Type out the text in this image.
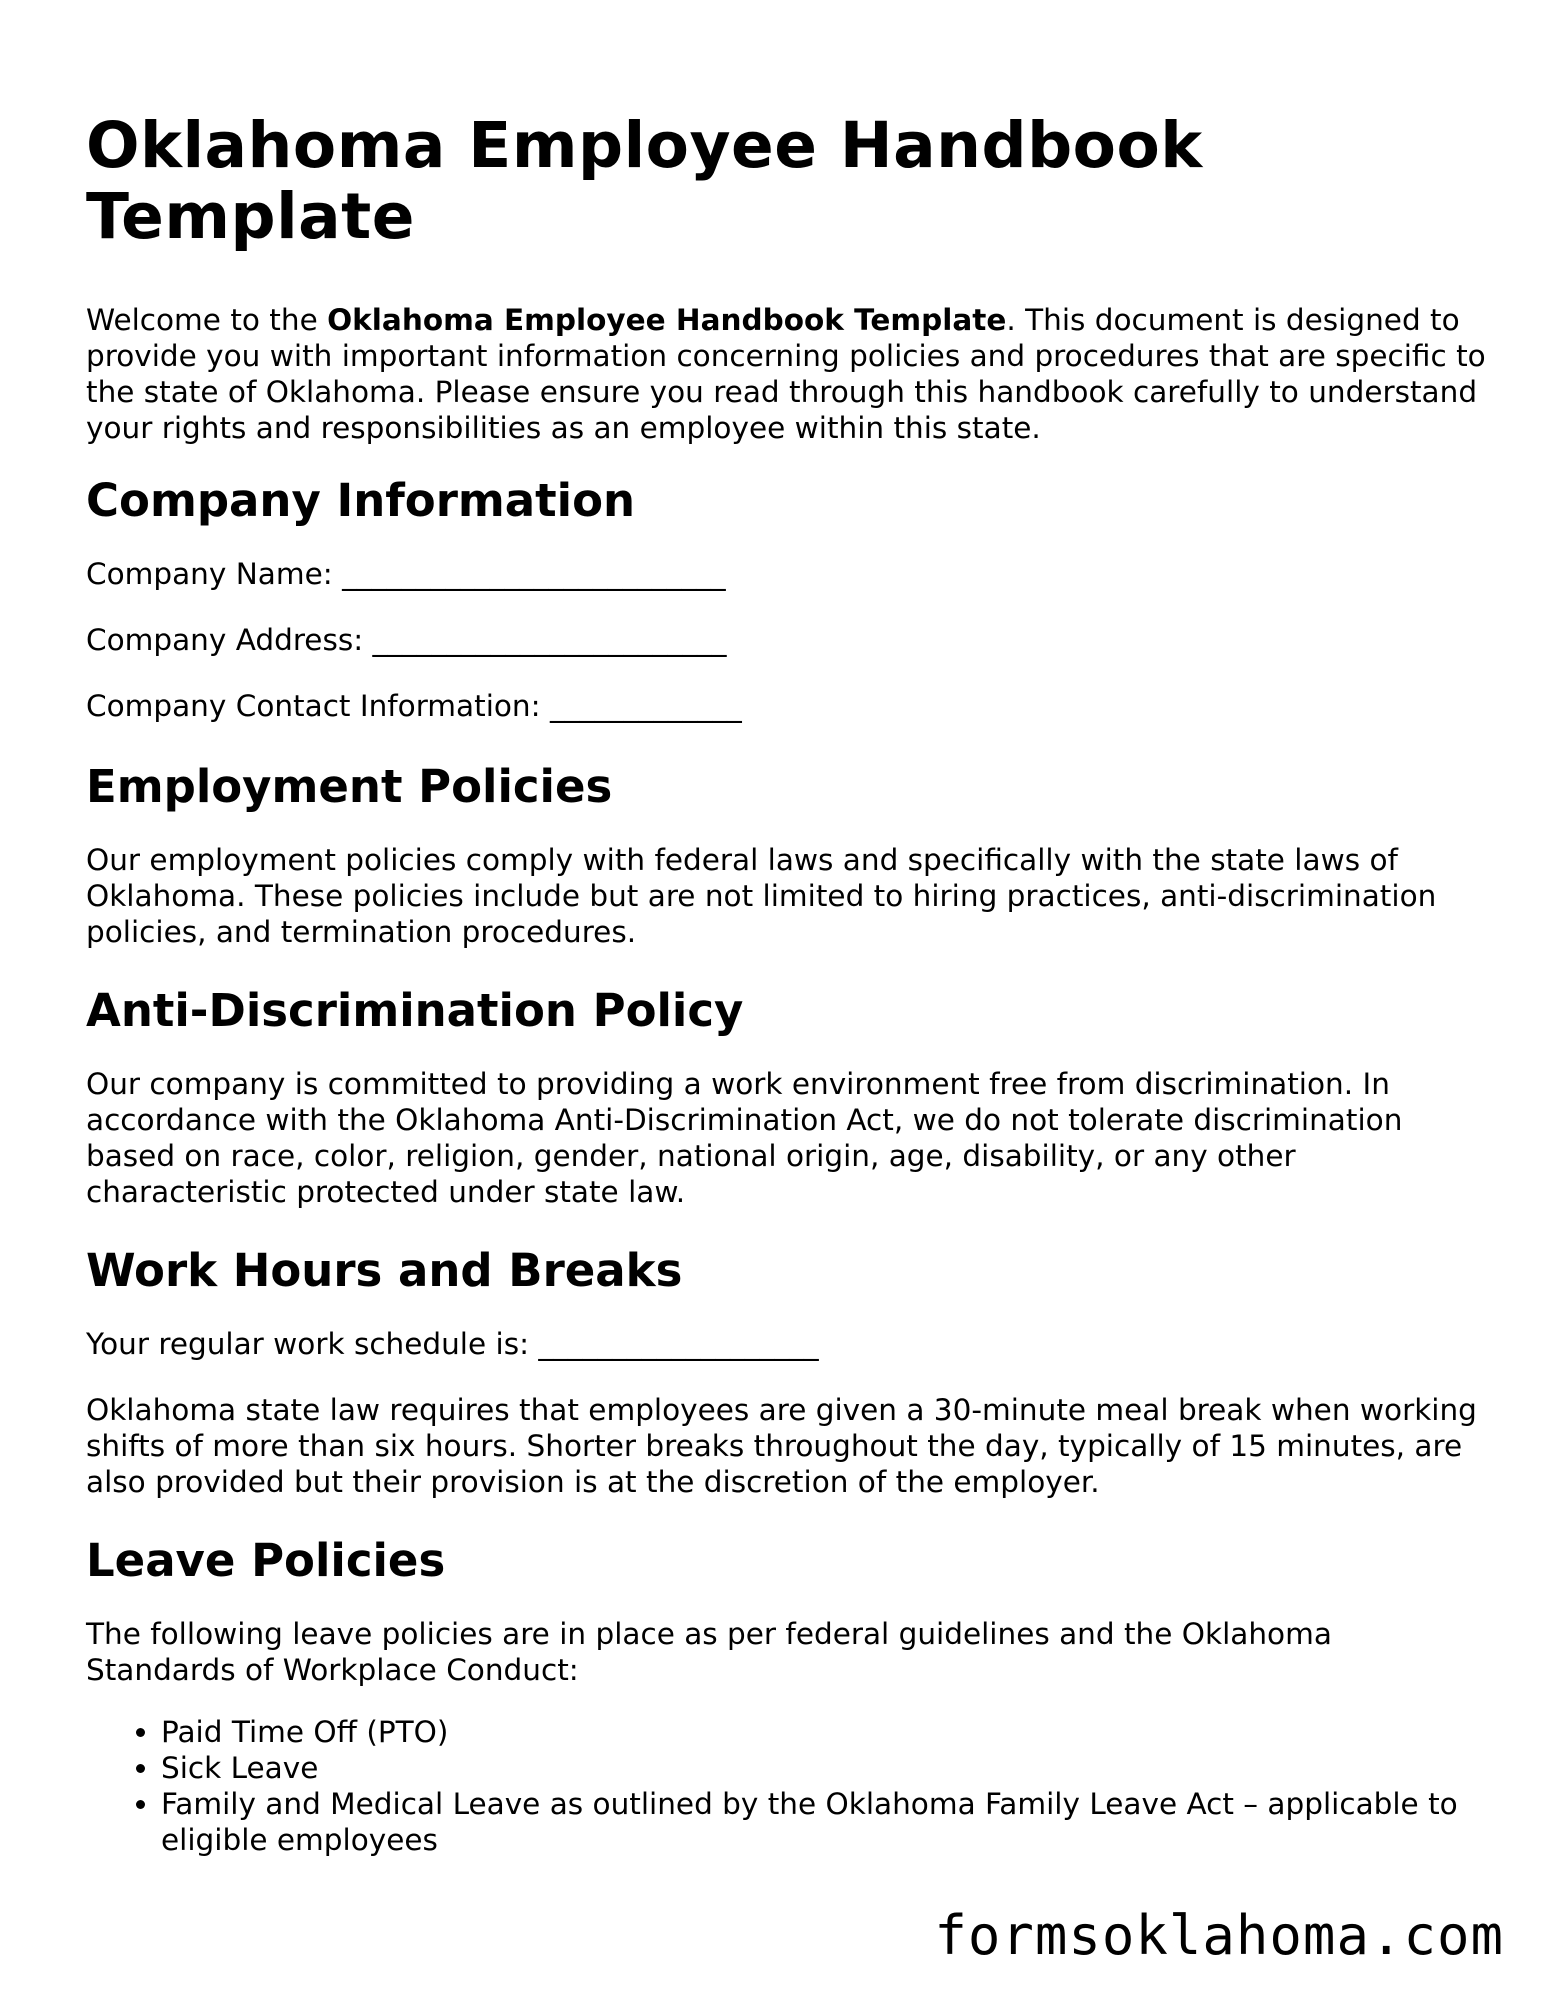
Oklahoma Employee Handbook Template

Welcome to the Oklahoma Employee Handbook Template. This document is designed to provide you with important information concerning policies and procedures that are specific to the state of Oklahoma. Please ensure you read through this handbook carefully to understand your rights and responsibilities as an employee within this state.

Company Information
Company Name: __________________________
Company Address: ________________________
Company Contact Information: _____________
Employment Policies

Our employment policies comply with federal laws and specifically with the state laws of Oklahoma. These policies include but are not limited to hiring practices, anti-discrimination policies, and termination procedures.

Anti-Discrimination Policy

Our company is committed to providing a work environment free from discrimination. In accordance with the Oklahoma Anti-Discrimination Act, we do not tolerate discrimination based on race, color, religion, gender, national origin, age, disability, or any other characteristic protected under state law.

Work Hours and Breaks
Your regular work schedule is: ___________________

Oklahoma state law requires that employees are given a 30-minute meal break when working shifts of more than six hours. Shorter breaks throughout the day, typically of 15 minutes, are also provided but their provision is at the discretion of the employer.

Leave Policies

The following leave policies are in place as per federal guidelines and the Oklahoma Standards of Workplace Conduct:

• Paid Time Off (PTO)
• Sick Leave
• Family and Medical Leave as outlined by the Oklahoma Family Leave Act – applicable to eligible employees
formsoklahoma.com
